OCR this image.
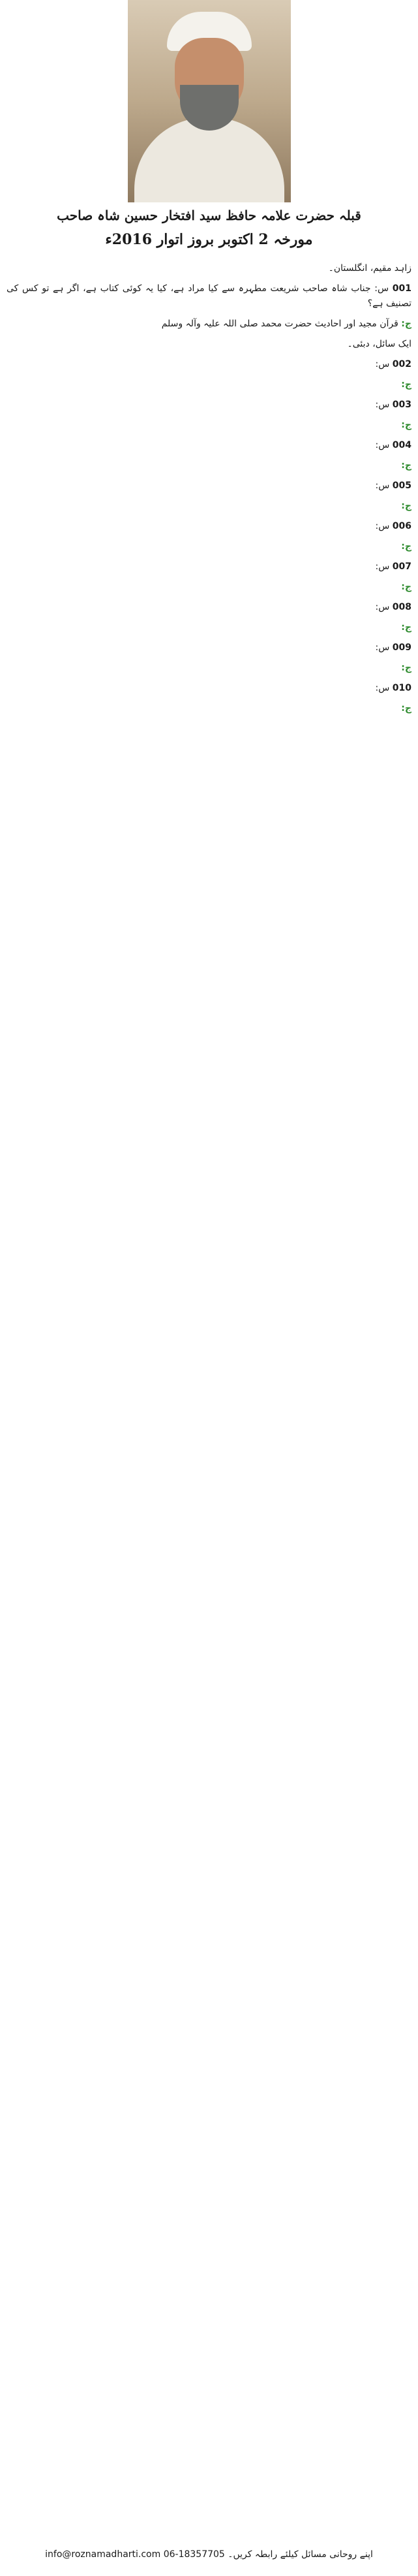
قبلہ حضرت علامہ حافظ سید افتخار حسین شاہ صاحب
مورخہ 2 اکتوبر بروز اتوار 2016ء

زاہد مقیم، انگلستان۔

001 س: جناب شاہ صاحب شریعت مطہرہ سے کیا مراد ہے، کیا یہ کوئی کتاب ہے، اگر ہے تو کس کی تصنیف ہے؟

ج: قرآن مجید اور احادیث حضرت محمد صلی اللہ علیہ وآلہ وسلم

ایک سائل، دبئی۔

002 س:

ج:

003 س:

ج:

004 س:

ج:

005 س:

ج:

006 س:

ج:

007 س:

ج:

008 س:

ج:

009 س:

ج:

010 س:

ج:

اپنے روحانی مسائل کیلئے رابطہ کریں۔ info@roznamadharti.com 06-18357705
